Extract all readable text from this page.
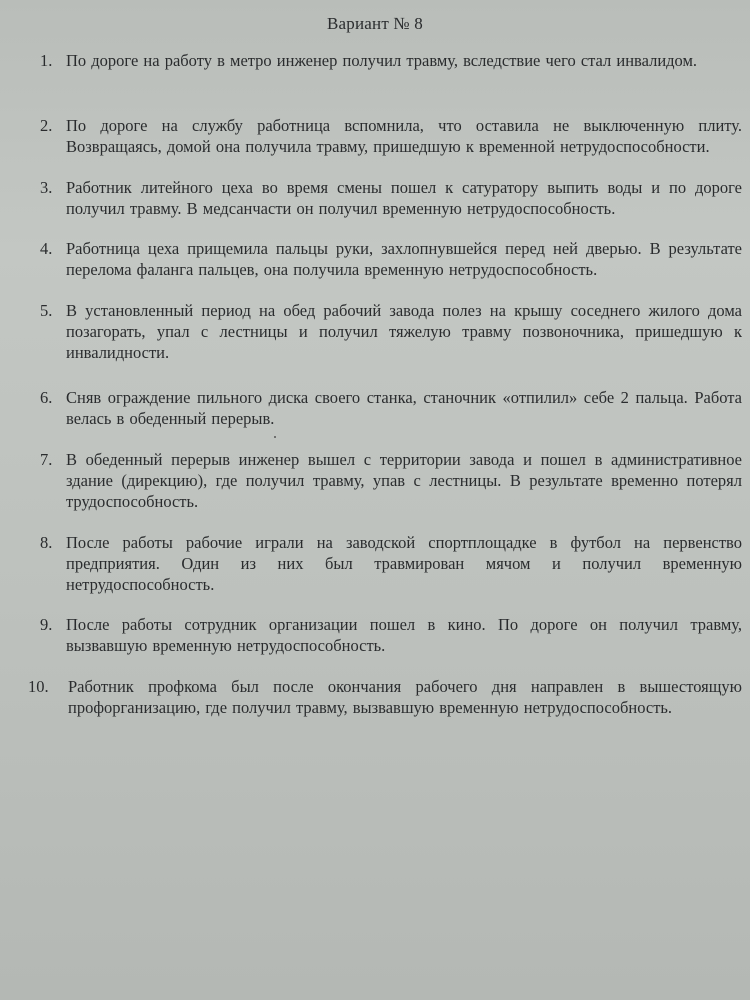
Вариант № 8
1. По дороге на работу в метро инженер получил травму, вследствие чего стал инвалидом.
2. По дороге на службу работница вспомнила, что оставила не выключенную плиту. Возвращаясь, домой она получила травму, пришедшую к временной нетрудоспособности.
3. Работник литейного цеха во время смены пошел к сатуратору выпить воды и по дороге получил травму. В медсанчасти он получил временную нетрудоспособность.
4. Работница цеха прищемила пальцы руки, захлопнувшейся перед ней дверью. В результате перелома фаланга пальцев, она получила временную нетрудоспособность.
5. В установленный период на обед рабочий завода полез на крышу соседнего жилого дома позагорать, упал с лестницы и получил тяжелую травму позвоночника, пришедшую к инвалидности.
6. Сняв ограждение пильного диска своего станка, станочник «отпилил» себе 2 пальца. Работа велась в обеденный перерыв.
7. В обеденный перерыв инженер вышел с территории завода и пошел в административное здание (дирекцию), где получил травму, упав с лестницы. В результате временно потерял трудоспособность.
8. После работы рабочие играли на заводской спортплощадке в футбол на первенство предприятия. Один из них был травмирован мячом и получил временную нетрудоспособность.
9. После работы сотрудник организации пошел в кино. По дороге он получил травму, вызвавшую временную нетрудоспособность.
10.	Работник профкома был после окончания рабочего дня направлен в вышестоящую профорганизацию, где получил травму, вызвавшую временную нетрудоспособность.
